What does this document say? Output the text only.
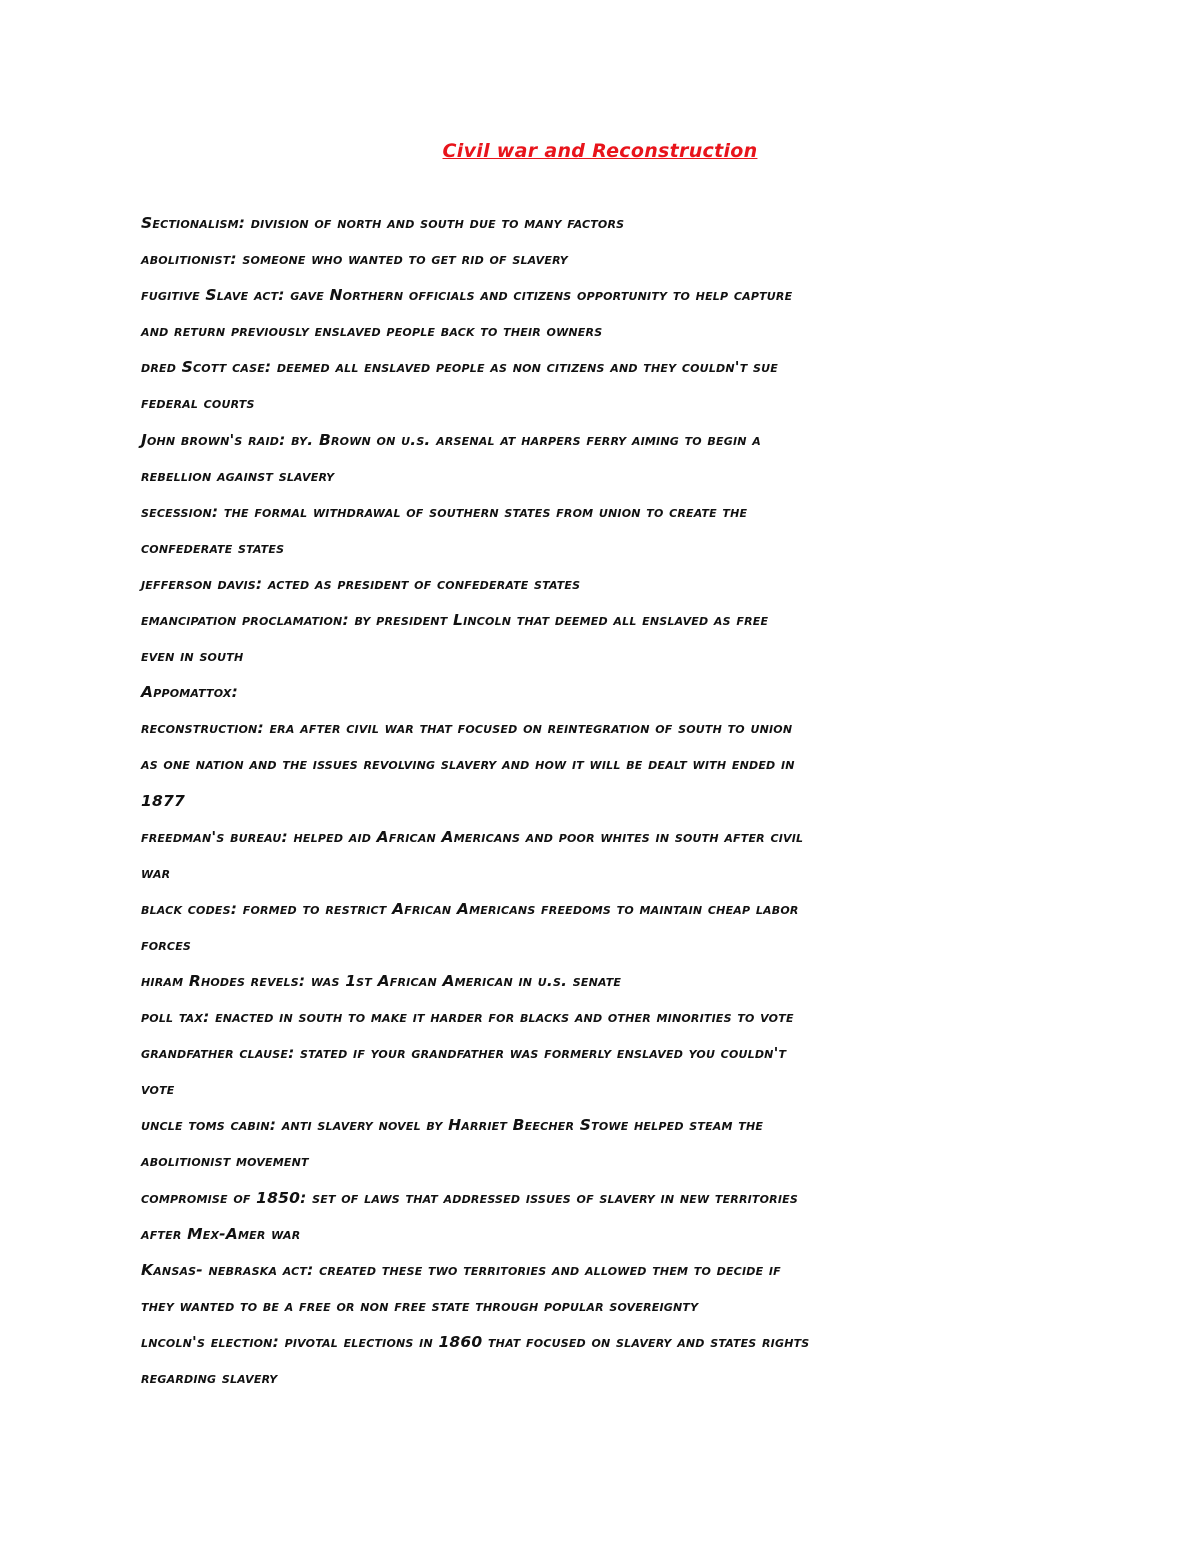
Civil war and Reconstruction
Sectionalism: division of north and south due to many factors
abolitionist: someone who wanted to get rid of slavery
fugitive Slave act: gave Northern officials and citizens opportunity to help capture
and return previously enslaved people back to their owners
dred Scott case: deemed all enslaved people as non citizens and they couldn't sue
federal courts
John brown's raid: by. Brown on u.s. arsenal at harpers ferry aiming to begin a
rebellion against slavery
secession: the formal withdrawal of southern states from union to create the
confederate states
jefferson davis: acted as president of confederate states
emancipation proclamation: by president Lincoln that deemed all enslaved as free
even in south
Appomattox:
reconstruction: era after civil war that focused on reintegration of south to union
as one nation and the issues revolving slavery and how it will be dealt with ended in
1877
freedman's bureau: helped aid African Americans and poor whites in south after civil
war
black codes: formed to restrict African Americans freedoms to maintain cheap labor
forces
hiram Rhodes revels: was 1st African American in u.s. senate
poll tax: enacted in south to make it harder for blacks and other minorities to vote
grandfather clause: stated if your grandfather was formerly enslaved you couldn't
vote
uncle toms cabin: anti slavery novel by Harriet Beecher Stowe helped steam the
abolitionist movement
compromise of 1850: set of laws that addressed issues of slavery in new territories
after Mex-Amer war
Kansas- nebraska act: created these two territories and allowed them to decide if
they wanted to be a free or non free state through popular sovereignty
lncoln's election: pivotal elections in 1860 that focused on slavery and states rights
regarding slavery
